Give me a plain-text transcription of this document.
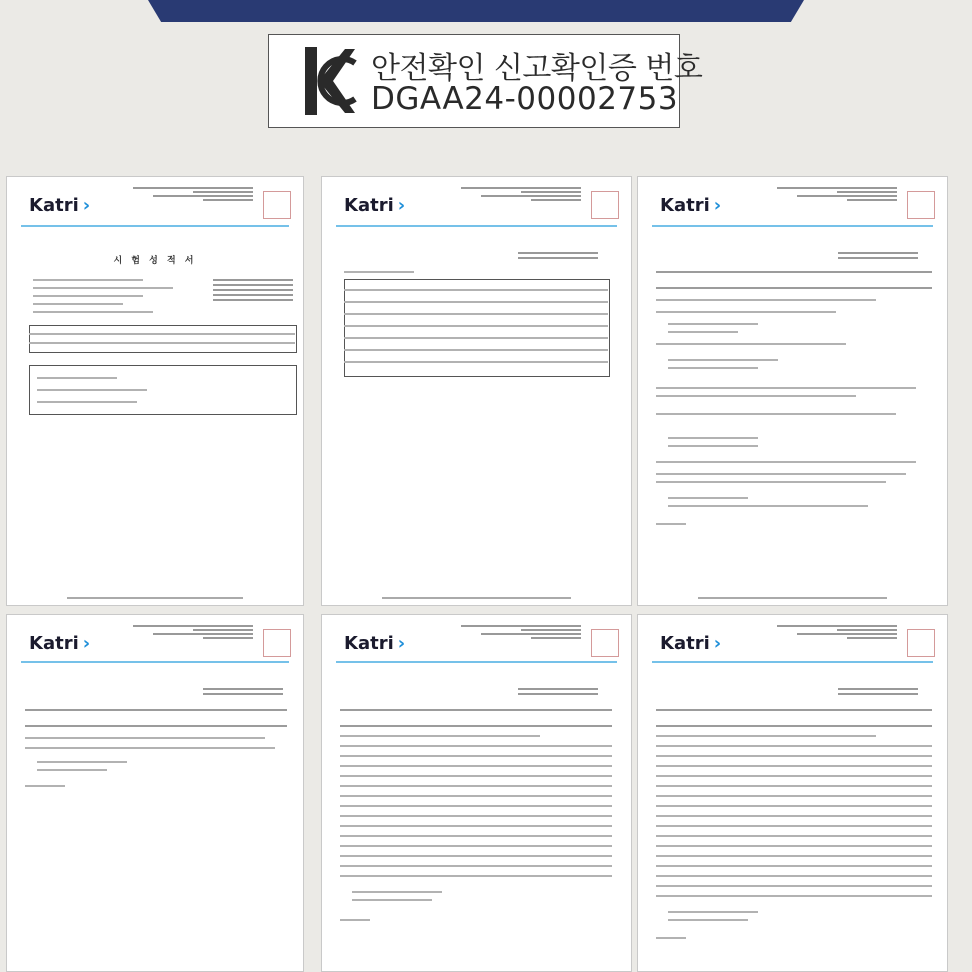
안전확인 신고확인증 번호
DGAA24-00002753
Katri ›
시 험 성 적 서
Katri ›	Katri ›
Katri ›	Katri ›	Katri ›
